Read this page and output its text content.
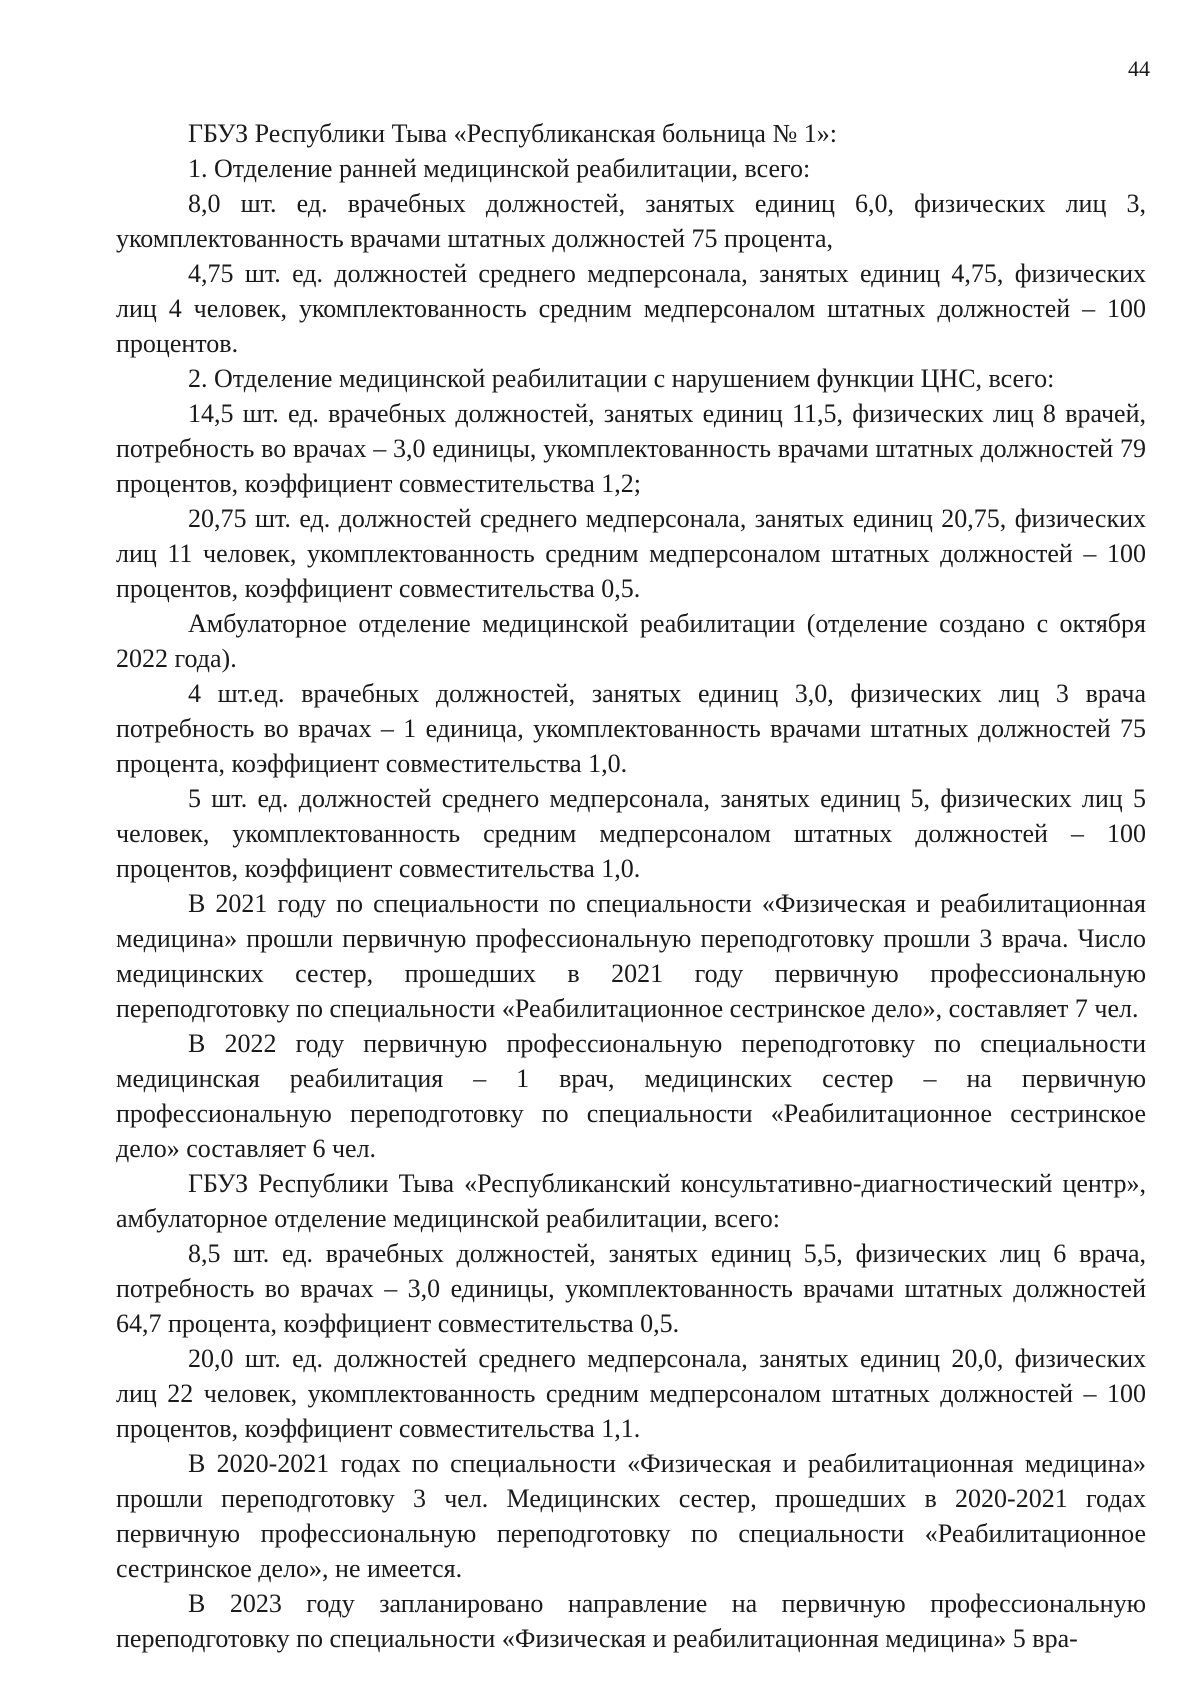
44

ГБУЗ Республики Тыва «Республиканская больница № 1»:

1. Отделение ранней медицинской реабилитации, всего:

8,0 шт. ед. врачебных должностей, занятых единиц 6,0, физических лиц 3, укомплектованность врачами штатных должностей 75 процента,

4,75 шт. ед. должностей среднего медперсонала, занятых единиц 4,75, физических лиц 4 человек, укомплектованность средним медперсоналом штатных должностей – 100 процентов.

2. Отделение медицинской реабилитации с нарушением функции ЦНС, всего:

14,5 шт. ед. врачебных должностей, занятых единиц 11,5, физических лиц 8 врачей, потребность во врачах – 3,0 единицы, укомплектованность врачами штатных должностей 79 процентов, коэффициент совместительства 1,2;

20,75 шт. ед. должностей среднего медперсонала, занятых единиц 20,75, физических лиц 11 человек, укомплектованность средним медперсоналом штатных должностей – 100 процентов, коэффициент совместительства 0,5.

Амбулаторное отделение медицинской реабилитации (отделение создано с октября 2022 года).

4 шт.ед. врачебных должностей, занятых единиц 3,0, физических лиц 3 врача потребность во врачах – 1 единица, укомплектованность врачами штатных должностей 75 процента, коэффициент совместительства 1,0.

5 шт. ед. должностей среднего медперсонала, занятых единиц 5, физических лиц 5 человек, укомплектованность средним медперсоналом штатных должностей – 100 процентов, коэффициент совместительства 1,0.

В 2021 году по специальности по специальности «Физическая и реабилитационная медицина» прошли первичную профессиональную переподготовку прошли 3 врача. Число медицинских сестер, прошедших в 2021 году первичную профессиональную переподготовку по специальности «Реабилитационное сестринское дело», составляет 7 чел.

В 2022 году первичную профессиональную переподготовку по специальности медицинская реабилитация – 1 врач, медицинских сестер – на первичную профессиональную переподготовку по специальности «Реабилитационное сестринское дело» составляет 6 чел.

ГБУЗ Республики Тыва «Республиканский консультативно-диагностический центр», амбулаторное отделение медицинской реабилитации, всего:

8,5 шт. ед. врачебных должностей, занятых единиц 5,5, физических лиц 6 врача, потребность во врачах – 3,0 единицы, укомплектованность врачами штатных должностей 64,7 процента, коэффициент совместительства 0,5.

20,0 шт. ед. должностей среднего медперсонала, занятых единиц 20,0, физических лиц 22 человек, укомплектованность средним медперсоналом штатных должностей – 100 процентов, коэффициент совместительства 1,1.

В 2020-2021 годах по специальности «Физическая и реабилитационная медицина» прошли переподготовку 3 чел. Медицинских сестер, прошедших в 2020-2021 годах первичную профессиональную переподготовку по специальности «Реабилитационное сестринское дело», не имеется.

В 2023 году запланировано направление на первичную профессиональную переподготовку по специальности «Физическая и реабилитационная медицина» 5 вра-
